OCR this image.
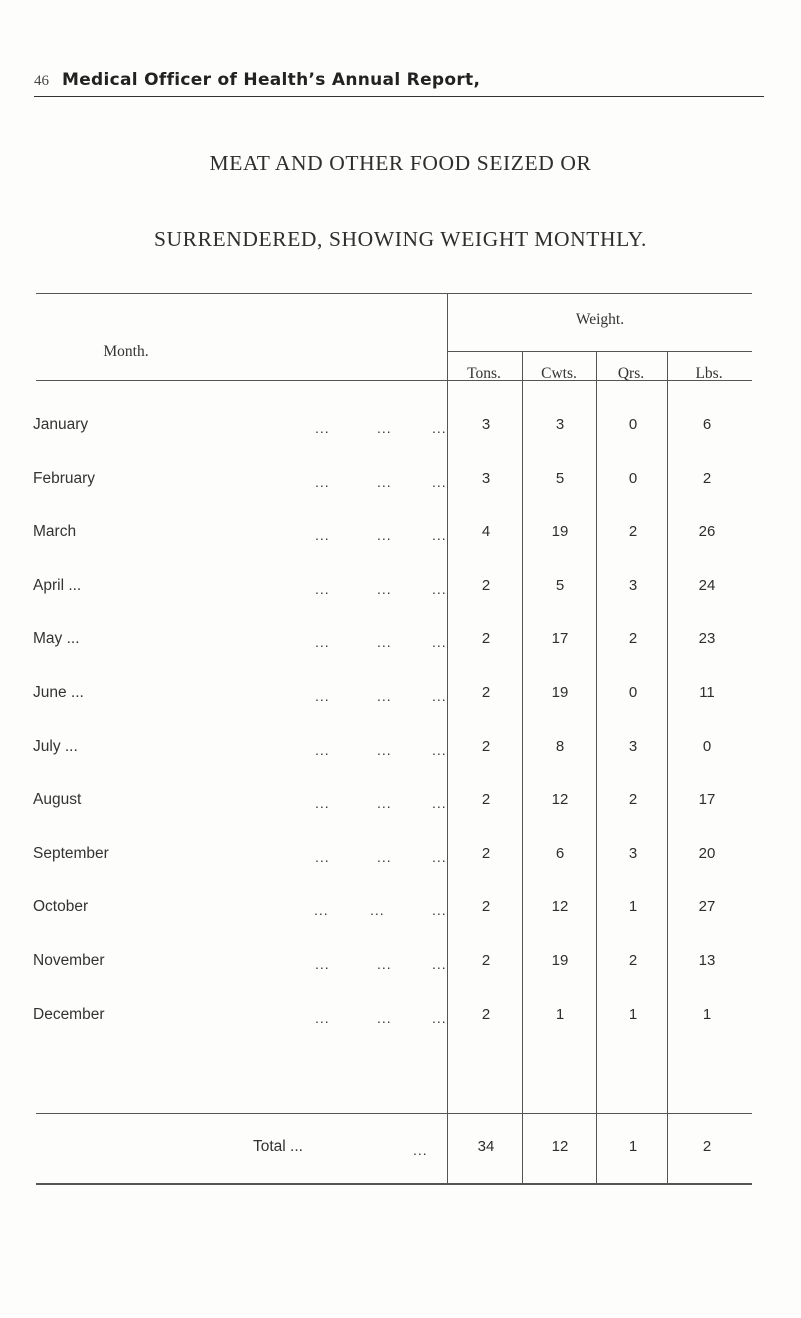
46 Medical Officer of Health’s Annual Report,
MEAT AND OTHER FOOD SEIZED OR
SURRENDERED, SHOWING WEIGHT MONTHLY.
Month.
Weight.
Tons.	Cwts.	Qrs.	Lbs.
January	...	...	...	3	3	0	6
February	...	...	...	3	5	0	2
March	...	...	...	4	19	2	26
April ...	...	...	...	2	5	3	24
May ...	...	...	...	2	17	2	23
June ...	...	...	...	2	19	0	11
July ...	...	...	...	2	8	3	0
August	...	...	...	2	12	2	17
September	...	...	...	2	6	3	20
October	...	...	...	2	12	1	27
November	...	...	...	2	19	2	13
December	...	...	...	2	1	1	1
Total ...	...	34	12	1	2
